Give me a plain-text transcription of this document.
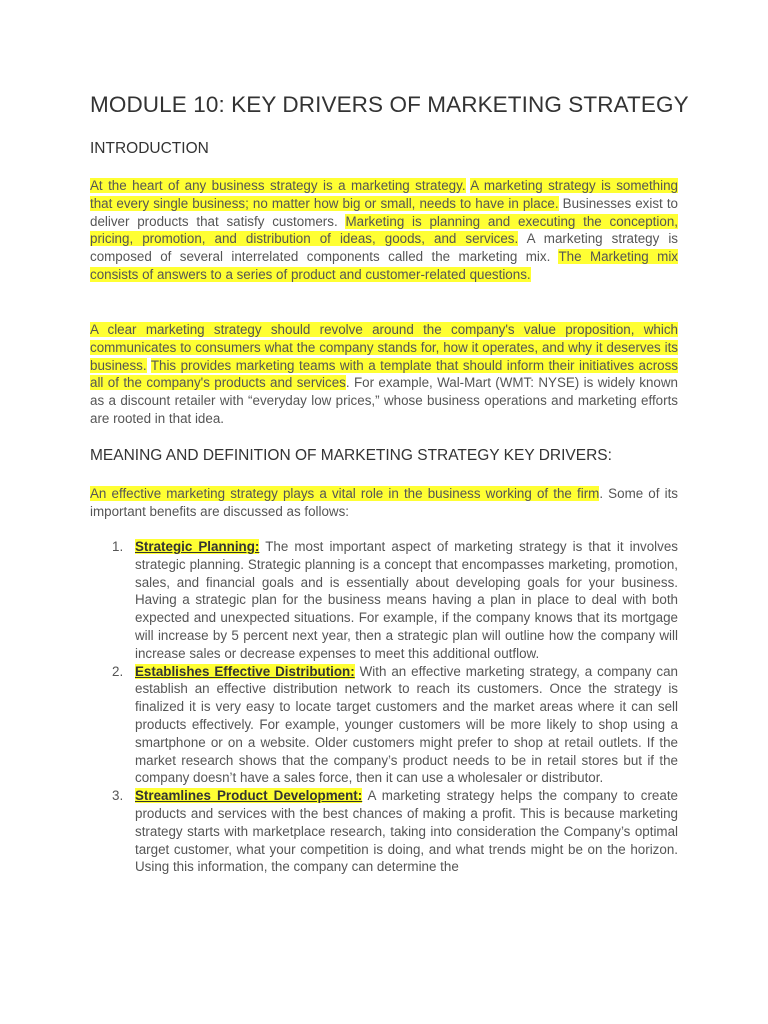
MODULE 10: KEY DRIVERS OF MARKETING STRATEGY
INTRODUCTION

At the heart of any business strategy is a marketing strategy. A marketing strategy is something that every single business; no matter how big or small, needs to have in place. Businesses exist to deliver products that satisfy customers. Marketing is planning and executing the conception, pricing, promotion, and distribution of ideas, goods, and services. A marketing strategy is composed of several interrelated components called the marketing mix. The Marketing mix consists of answers to a series of product and customer-related questions.

A clear marketing strategy should revolve around the company's value proposition, which communicates to consumers what the company stands for, how it operates, and why it deserves its business. This provides marketing teams with a template that should inform their initiatives across all of the company's products and services. For example, Wal-Mart (WMT: NYSE) is widely known as a discount retailer with “everyday low prices,” whose business operations and marketing efforts are rooted in that idea.

MEANING AND DEFINITION OF MARKETING STRATEGY KEY DRIVERS:

An effective marketing strategy plays a vital role in the business working of the firm. Some of its important benefits are discussed as follows:

1. Strategic Planning: The most important aspect of marketing strategy is that it involves strategic planning. Strategic planning is a concept that encompasses marketing, promotion, sales, and financial goals and is essentially about developing goals for your business. Having a strategic plan for the business means having a plan in place to deal with both expected and unexpected situations. For example, if the company knows that its mortgage will increase by 5 percent next year, then a strategic plan will outline how the company will increase sales or decrease expenses to meet this additional outflow.
2. Establishes Effective Distribution: With an effective marketing strategy, a company can establish an effective distribution network to reach its customers. Once the strategy is finalized it is very easy to locate target customers and the market areas where it can sell products effectively. For example, younger customers will be more likely to shop using a smartphone or on a website. Older customers might prefer to shop at retail outlets. If the market research shows that the company’s product needs to be in retail stores but if the company doesn’t have a sales force, then it can use a wholesaler or distributor.
3. Streamlines Product Development: A marketing strategy helps the company to create products and services with the best chances of making a profit. This is because marketing strategy starts with marketplace research, taking into consideration the Company’s optimal target customer, what your competition is doing, and what trends might be on the horizon. Using this information, the company can determine the
